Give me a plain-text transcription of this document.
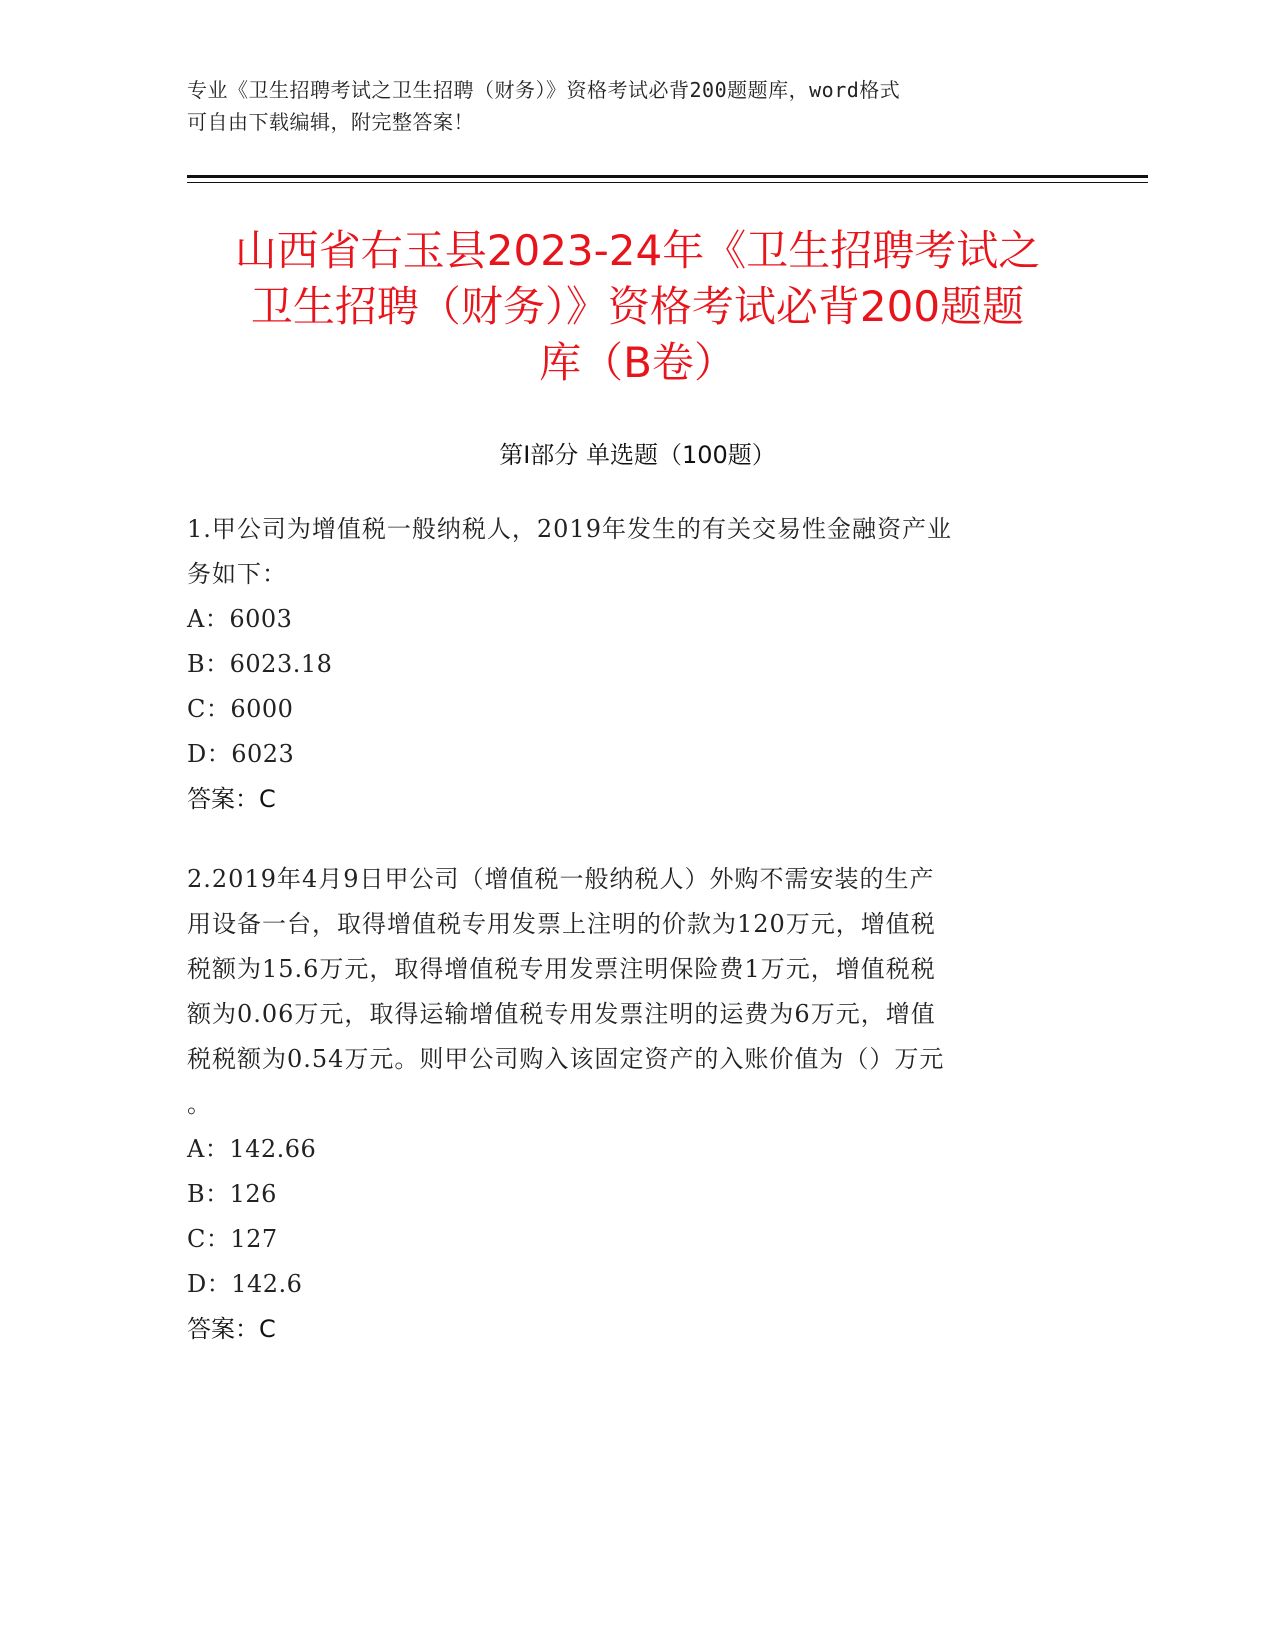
专业《卫生招聘考试之卫生招聘（财务）》资格考试必背200题题库，word格式
可自由下载编辑，附完整答案！
山西省右玉县2023-24年《卫生招聘考试之
卫生招聘（财务）》资格考试必背200题题
库（B卷）
第Ⅰ部分 单选题（100题）
1.甲公司为增值税一般纳税人，2019年发生的有关交易性金融资产业
务如下：
A：6003
B：6023.18
C：6000
D：6023
答案：C
2.2019年4月9日甲公司（增值税一般纳税人）外购不需安装的生产
用设备一台，取得增值税专用发票上注明的价款为120万元，增值税
税额为15.6万元，取得增值税专用发票注明保险费1万元，增值税税
额为0.06万元，取得运输增值税专用发票注明的运费为6万元，增值
税税额为0.54万元。则甲公司购入该固定资产的入账价值为（）万元
。
A：142.66
B：126
C：127
D：142.6
答案：C
